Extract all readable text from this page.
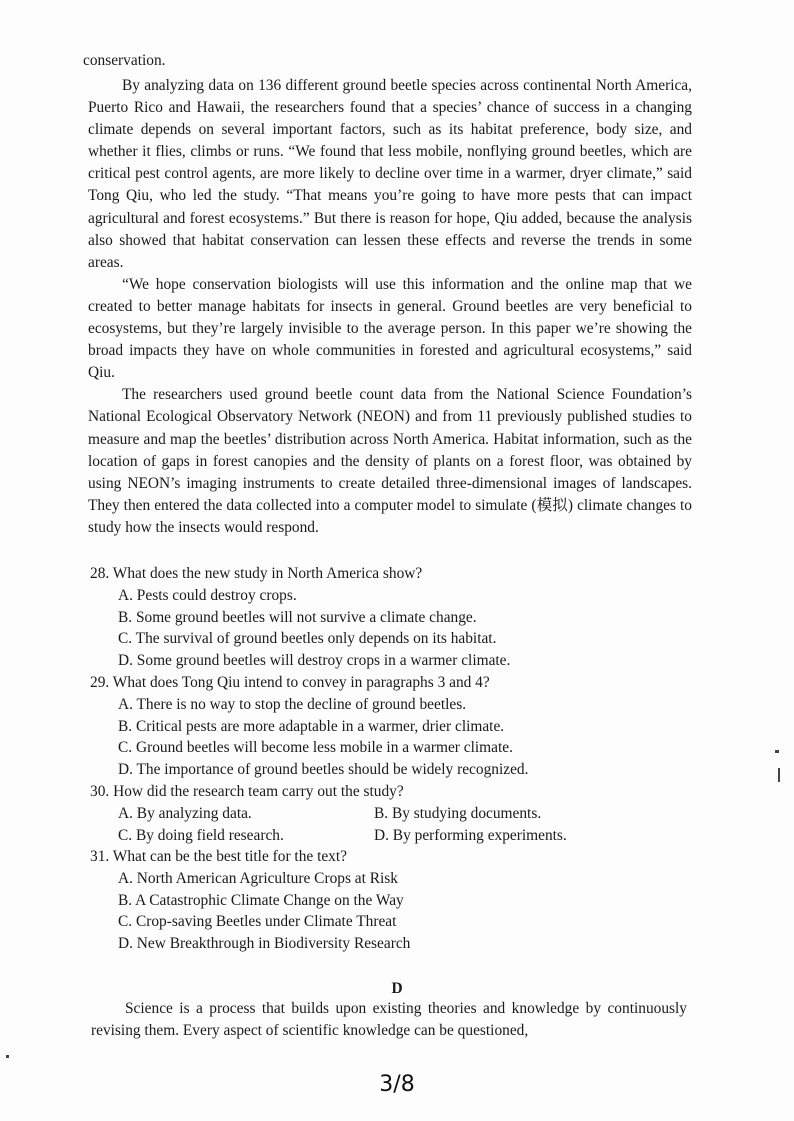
conservation.

By analyzing data on 136 different ground beetle species across continental North America, Puerto Rico and Hawaii, the researchers found that a species’ chance of success in a changing climate depends on several important factors, such as its habitat preference, body size, and whether it flies, climbs or runs. “We found that less mobile, nonflying ground beetles, which are critical pest control agents, are more likely to decline over time in a warmer, dryer climate,” said Tong Qiu, who led the study. “That means you’re going to have more pests that can impact agricultural and forest ecosystems.” But there is reason for hope, Qiu added, because the analysis also showed that habitat conservation can lessen these effects and reverse the trends in some areas.

“We hope conservation biologists will use this information and the online map that we created to better manage habitats for insects in general. Ground beetles are very beneficial to ecosystems, but they’re largely invisible to the average person. In this paper we’re showing the broad impacts they have on whole communities in forested and agricultural ecosystems,” said Qiu.

The researchers used ground beetle count data from the National Science Foundation’s National Ecological Observatory Network (NEON) and from 11 previously published studies to measure and map the beetles’ distribution across North America. Habitat information, such as the location of gaps in forest canopies and the density of plants on a forest floor, was obtained by using NEON’s imaging instruments to create detailed three-dimensional images of landscapes. They then entered the data collected into a computer model to simulate (模拟) climate changes to study how the insects would respond.

28. What does the new study in North America show?

A. Pests could destroy crops.

B. Some ground beetles will not survive a climate change.

C. The survival of ground beetles only depends on its habitat.

D. Some ground beetles will destroy crops in a warmer climate.

29. What does Tong Qiu intend to convey in paragraphs 3 and 4?

A. There is no way to stop the decline of ground beetles.

B. Critical pests are more adaptable in a warmer, drier climate.

C. Ground beetles will become less mobile in a warmer climate.

D. The importance of ground beetles should be widely recognized.

30. How did the research team carry out the study?

A. By analyzing data.	B. By studying documents.
C. By doing field research.	D. By performing experiments.

31. What can be the best title for the text?

A. North American Agriculture Crops at Risk

B. A Catastrophic Climate Change on the Way

C. Crop-saving Beetles under Climate Threat

D. New Breakthrough in Biodiversity Research

D

Science is a process that builds upon existing theories and knowledge by continuously revising them. Every aspect of scientific knowledge can be questioned,

3/8
